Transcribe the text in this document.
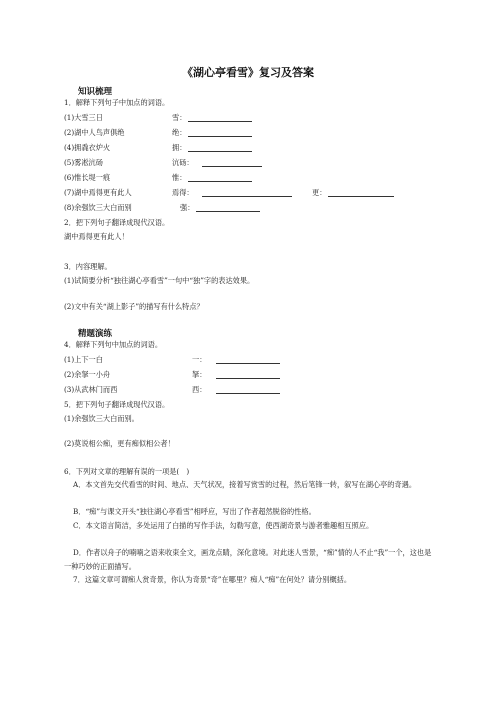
《湖心亭看雪》复习及答案
知识梳理
1．解释下列句子中加点的词语。
(1)大雪三日	雪：
(2)湖中人鸟声俱绝	绝：
(4)拥毳衣炉火	拥：
(5)雾凇沆砀	沆砀：
(6)惟长堤一痕	惟：
(7)湖中焉得更有此人	焉得：	更：
(8)余强饮三大白而别	强：
2．把下列句子翻译成现代汉语。
湖中焉得更有此人！
3．内容理解。
(1)试简要分析“独往湖心亭看雪”一句中“独”字的表达效果。
(2)文中有关“湖上影子”的描写有什么特点？
精题演练
4．解释下列句中加点的词语。
(1)上下一白	一：
(2)余拏一小舟	拏：
(3)从武林门而西	西：
5．把下列句子翻译成现代汉语。
(1)余强饮三大白而别。
(2)莫说相公痴，更有痴似相公者！
6．下列对文章的理解有误的一项是(　)
A．本文首先交代看雪的时间、地点、天气状况，接着写赏雪的过程，然后笔锋一转，叙写在湖心亭的奇遇。
B．“痴”与课文开头“独往湖心亭看雪”相呼应，写出了作者超然脱俗的性格。
C．本文语言简洁，多处运用了白描的写作手法，勾勒写意，使西湖奇景与游者雅趣相互照应。
D．作者以舟子的喃喃之语来收束全文，画龙点睛，深化意境。对此迷人雪景，“痴”情的人不止“我”一个，这也是一种巧妙的正面描写。
7．这篇文章可谓痴人赏奇景，你认为奇景“奇”在哪里？痴人“痴”在何处？请分别概括。
